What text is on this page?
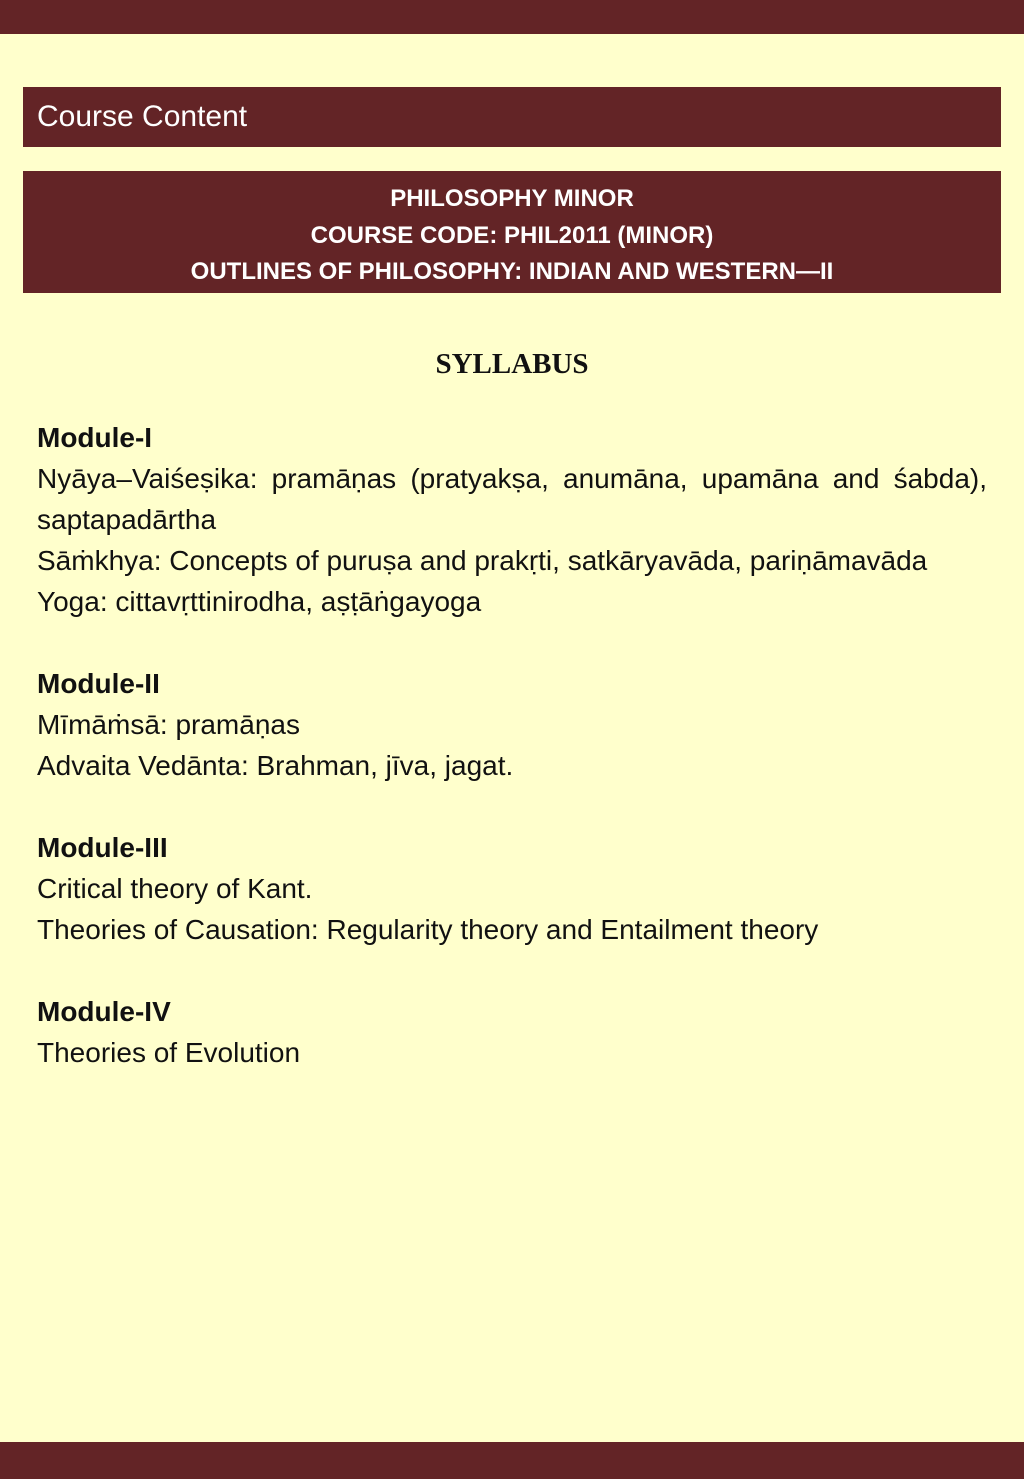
Course Content
PHILOSOPHY MINOR
COURSE CODE: PHIL2011 (MINOR)
OUTLINES OF PHILOSOPHY: INDIAN AND WESTERN—II
SYLLABUS
Module-I
Nyāya–Vaiśeṣika: pramāṇas (pratyakṣa, anumāna, upamāna and śabda), saptapadārtha
Sāṁkhya: Concepts of puruṣa and prakṛti, satkāryavāda, pariṇāmavāda
Yoga: cittavṛttinirodha, aṣṭāṅgayoga
Module-II
Mīmāṁsā: pramāṇas
Advaita Vedānta: Brahman, jīva, jagat.
Module-III
Critical theory of Kant.
Theories of Causation: Regularity theory and Entailment theory
Module-IV
Theories of Evolution
